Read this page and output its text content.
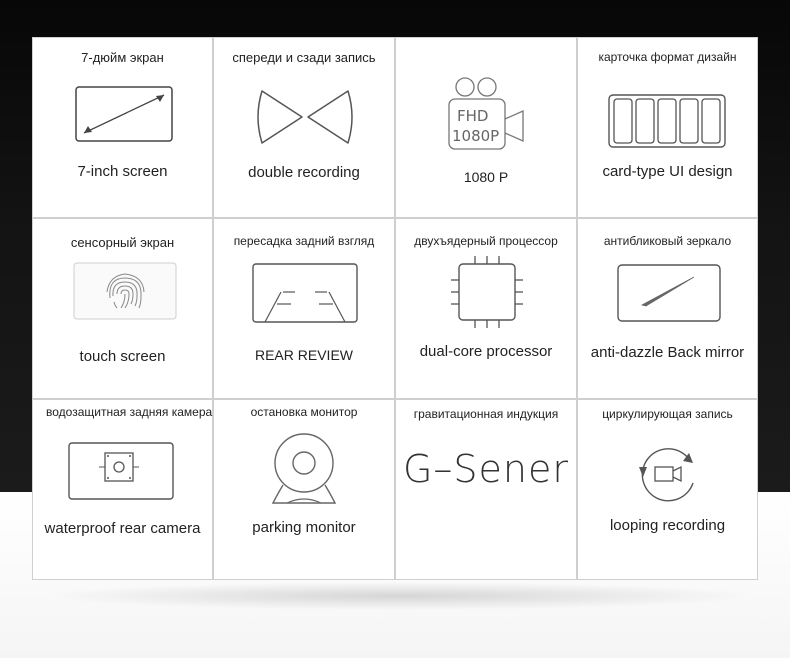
7-дюйм экран
7-inch screen
спереди и сзади запись
double recording
FHD
1080P
1080 P
карточка формат дизайн
card-type UI design
сенсорный экран
touch screen
пересадка задний взгляд
REAR REVIEW
двухъядерный процессор
dual-core processor
антибликовый зеркало
anti-dazzle Back mirror
водозащитная задняя камера
waterproof rear camera
остановка монитор
parking monitor
гравитационная индукция
G–Sener
циркулирующая запись
looping recording
